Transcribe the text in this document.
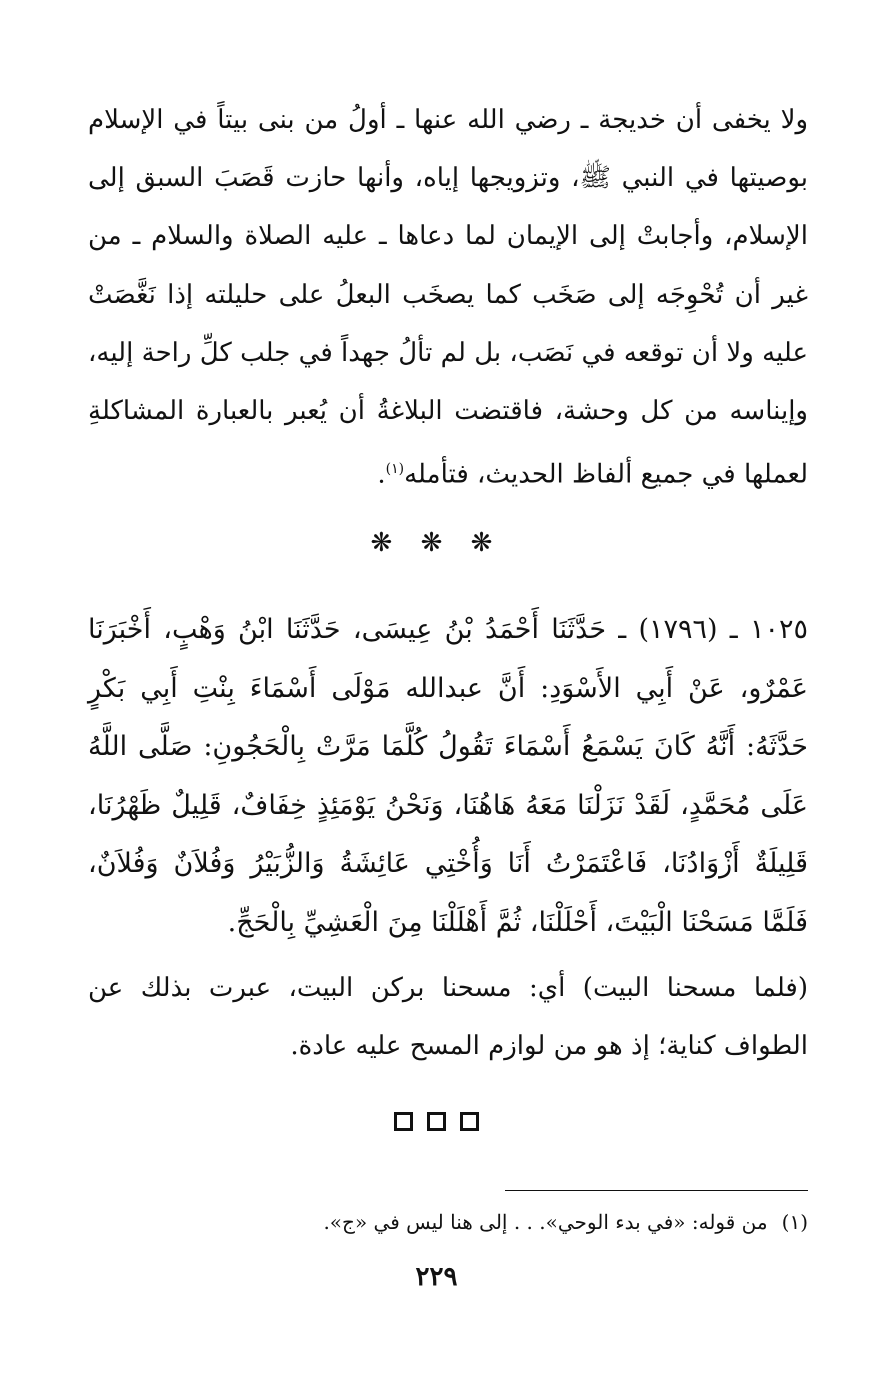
ولا يخفى أن خديجة ـ رضي الله عنها ـ أولُ من بنى بيتاً في الإسلام بوصيتها في النبي ﷺ، وتزويجها إياه، وأنها حازت قَصَبَ السبق إلى الإسلام، وأجابتْ إلى الإيمان لما دعاها ـ عليه الصلاة والسلام ـ من غير أن تُحْوِجَه إلى صَخَب كما يصخَب البعلُ على حليلته إذا نَغَّصَتْ عليه ولا أن توقعه في نَصَب، بل لم تألُ جهداً في جلب كلِّ راحة إليه، وإيناسه من كل وحشة، فاقتضت البلاغةُ أن يُعبر بالعبارة المشاكلةِ لعملها في جميع ألفاظ الحديث، فتأمله$^{(١)}$.

❋ ❋ ❋

١٠٢٥ ـ (١٧٩٦) ـ حَدَّثَنَا أَحْمَدُ بْنُ عِيسَى، حَدَّثَنَا ابْنُ وَهْبٍ، أَخْبَرَنَا عَمْرٌو، عَنْ أَبِي الأَسْوَدِ: أَنَّ عبدالله مَوْلَى أَسْمَاءَ بِنْتِ أَبِي بَكْرٍ حَدَّثَهُ: أَنَّهُ كَانَ يَسْمَعُ أَسْمَاءَ تَقُولُ كُلَّمَا مَرَّتْ بِالْحَجُونِ: صَلَّى اللَّهُ عَلَى مُحَمَّدٍ، لَقَدْ نَزَلْنَا مَعَهُ هَاهُنَا، وَنَحْنُ يَوْمَئِذٍ خِفَافٌ، قَلِيلٌ ظَهْرُنَا، قَلِيلَةٌ أَزْوَادُنَا، فَاعْتَمَرْتُ أَنَا وَأُخْتِي عَائِشَةُ وَالزُّبَيْرُ وَفُلاَنٌ وَفُلاَنٌ، فَلَمَّا مَسَحْنَا الْبَيْتَ، أَحْلَلْنَا، ثُمَّ أَهْلَلْنَا مِنَ الْعَشِيِّ بِالْحَجِّ.

(فلما مسحنا البيت) أي: مسحنا بركن البيت، عبرت بذلك عن الطواف كناية؛ إذ هو من لوازم المسح عليه عادة.

(١)من قوله: «في بدء الوحي». . . إلى هنا ليس في «ج».

٢٢٩
